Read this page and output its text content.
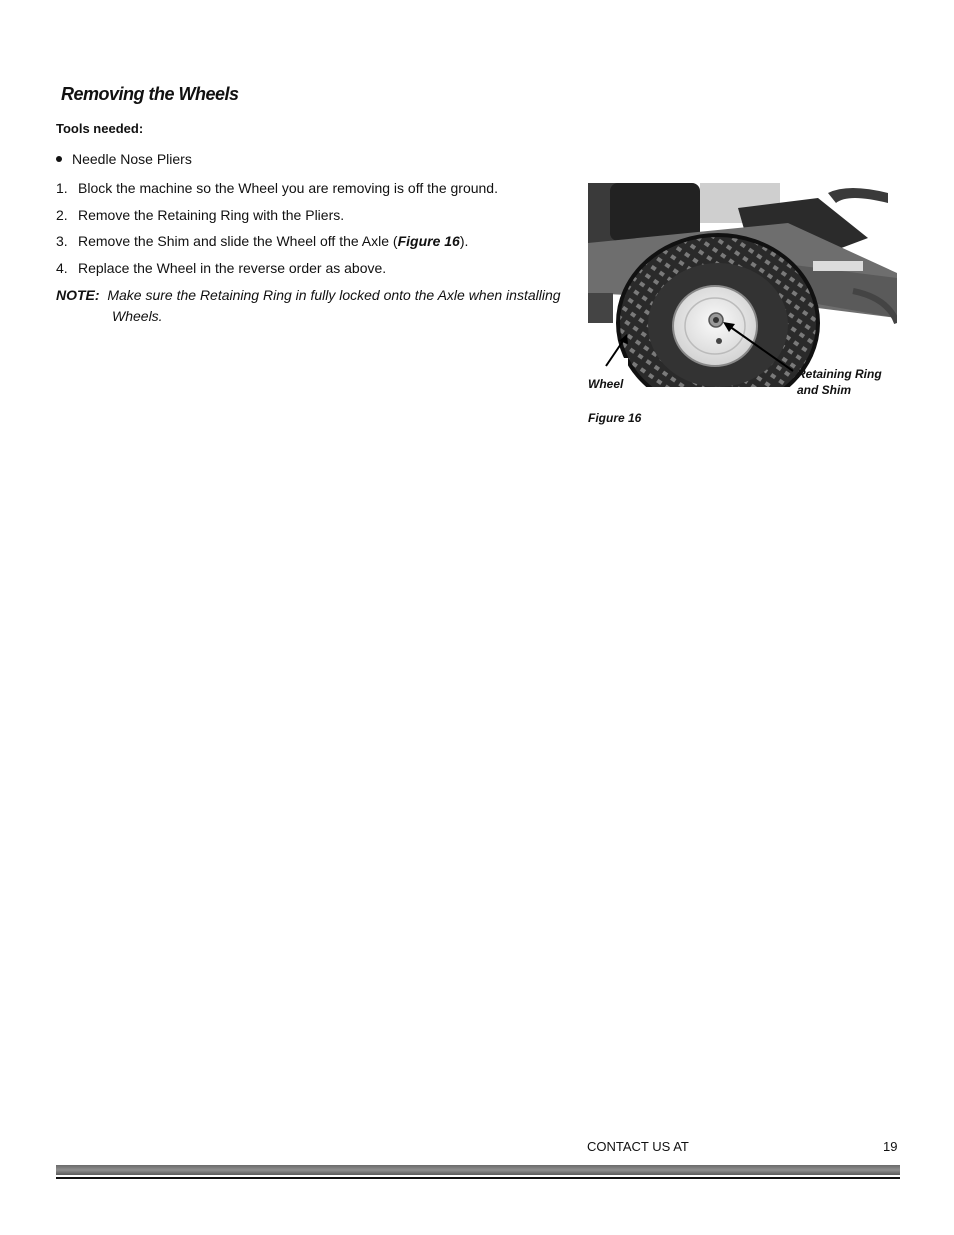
Removing the Wheels
Tools needed:
Needle Nose Pliers
1. Block the machine so the Wheel you are removing is off the ground.
2. Remove the Retaining Ring with the Pliers.
3. Remove the Shim and slide the Wheel off the Axle (Figure 16).
4. Replace the Wheel in the reverse order as above.
NOTE: Make sure the Retaining Ring in fully locked onto the Axle when installing
Wheels.
Wheel
Retaining Ring
and Shim
Figure 16
CONTACT US AT	19
